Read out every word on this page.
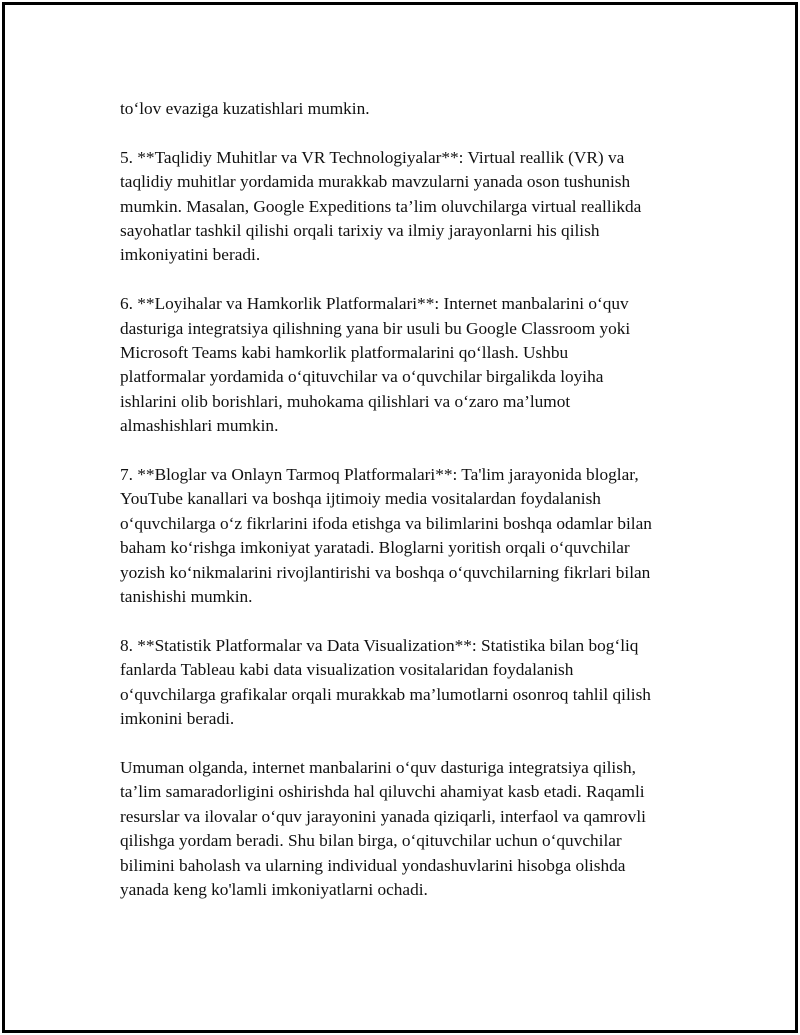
to‘lov evaziga kuzatishlari mumkin.

5. **Taqlidiy Muhitlar va VR Technologiyalar**: Virtual reallik (VR) va
taqlidiy muhitlar yordamida murakkab mavzularni yanada oson tushunish
mumkin. Masalan, Google Expeditions ta’lim oluvchilarga virtual reallikda
sayohatlar tashkil qilishi orqali tarixiy va ilmiy jarayonlarni his qilish
imkoniyatini beradi.

6. **Loyihalar va Hamkorlik Platformalari**: Internet manbalarini o‘quv
dasturiga integratsiya qilishning yana bir usuli bu Google Classroom yoki
Microsoft Teams kabi hamkorlik platformalarini qo‘llash. Ushbu
platformalar yordamida o‘qituvchilar va o‘quvchilar birgalikda loyiha
ishlarini olib borishlari, muhokama qilishlari va o‘zaro ma’lumot
almashishlari mumkin.

7. **Bloglar va Onlayn Tarmoq Platformalari**: Ta'lim jarayonida bloglar,
YouTube kanallari va boshqa ijtimoiy media vositalardan foydalanish
o‘quvchilarga o‘z fikrlarini ifoda etishga va bilimlarini boshqa odamlar bilan
baham ko‘rishga imkoniyat yaratadi. Bloglarni yoritish orqali o‘quvchilar
yozish ko‘nikmalarini rivojlantirishi va boshqa o‘quvchilarning fikrlari bilan
tanishishi mumkin.

8. **Statistik Platformalar va Data Visualization**: Statistika bilan bog‘liq
fanlarda Tableau kabi data visualization vositalaridan foydalanish
o‘quvchilarga grafikalar orqali murakkab ma’lumotlarni osonroq tahlil qilish
imkonini beradi.

Umuman olganda, internet manbalarini o‘quv dasturiga integratsiya qilish,
ta’lim samaradorligini oshirishda hal qiluvchi ahamiyat kasb etadi. Raqamli
resurslar va ilovalar o‘quv jarayonini yanada qiziqarli, interfaol va qamrovli
qilishga yordam beradi. Shu bilan birga, o‘qituvchilar uchun o‘quvchilar
bilimini baholash va ularning individual yondashuvlarini hisobga olishda
yanada keng ko'lamli imkoniyatlarni ochadi.
